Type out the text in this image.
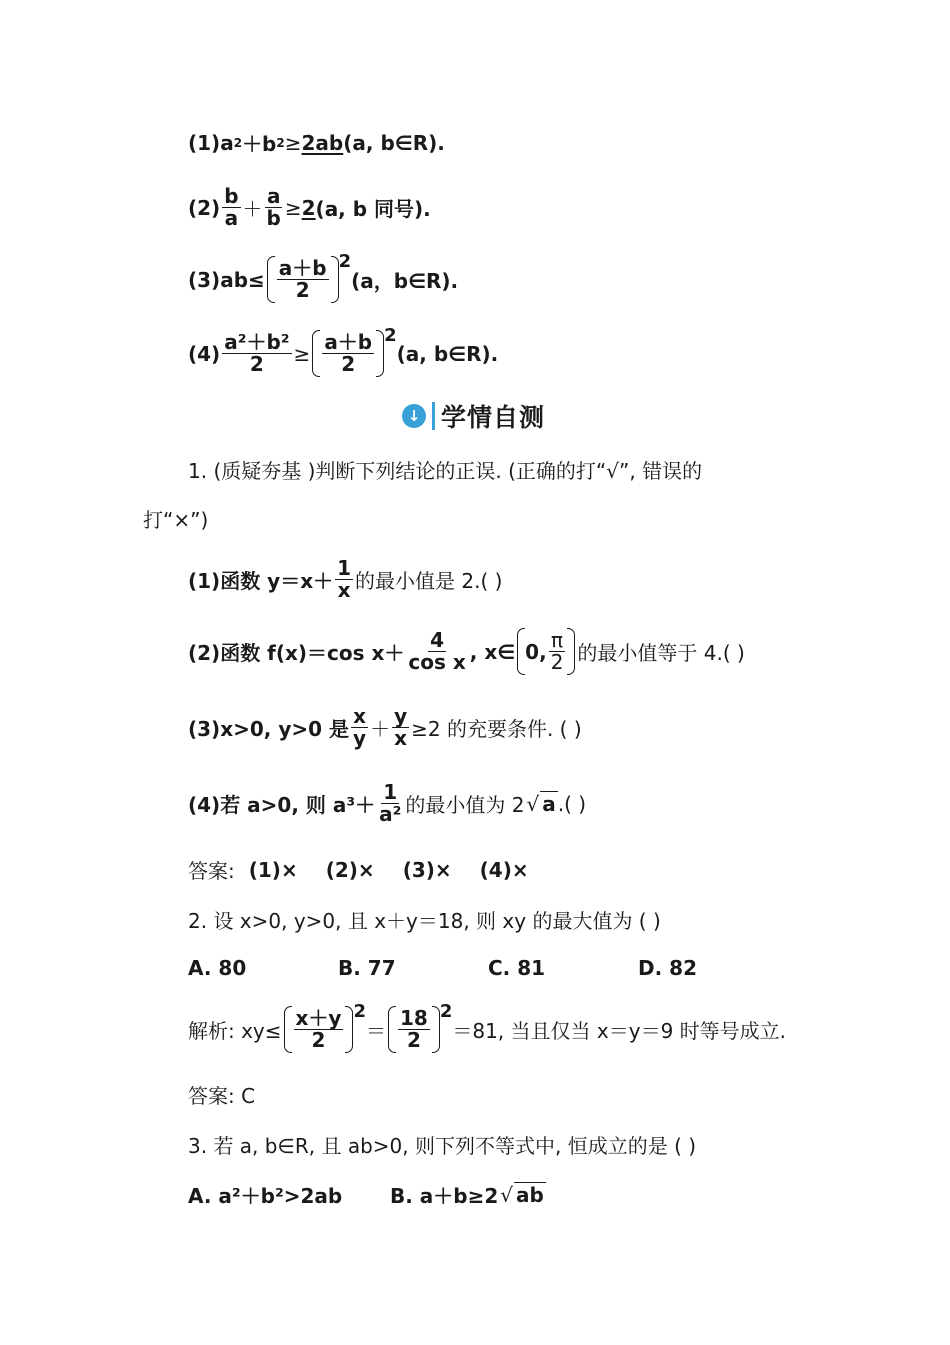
(1)a 2 ＋b 2 ≥ 2ab (a, b∈R).
$(2) \frac{b}{a} + \frac{a}{b} \ge 2$ (a, b 同号).
$(3)ab\le \frac{a+b}{2} 2$
(a，b∈R).
$(4) \frac{\text{a²＋b²}}{2} \ge \frac{a+b}{2} 2$
(a, b∈R).
↓ 学情自测
1. (质疑夯基 )判断下列结论的正误. (正确的打“√”, 错误的
打“×”)
(1)函数 $y=x+ \frac{1}{x}$ 的最小值是 2.( )
(2)函数 f(x)＝cos $x+ \frac{4}{\text{cos x}}$ , x∈ 0, $\frac{\pi}{2}$ 的最小值等于 4.( )
(3)x>0, y>0 是 $\frac{x}{y} + \frac{y}{x} \ge 2$ 的充要条件. ( )
(4)若 a>0, 则 $a^3+ \frac{1}{\text{a²}}$ 的最小值为 2 √ a .( )
答案: (1)× (2)× (3)× (4)×
2. 设 x>0, y>0, 且 x＋y＝18, 则 xy 的最大值为 ( )
A. 80	B. 77	C. 81	D. 82
解析: $xy\le \frac{x+y}{2} 2$
＝ $\frac{18}{2} 2$
＝81, 当且仅当 x＝y＝9 时等号成立.
答案: C
3. 若 a, b∈R, 且 ab>0, 则下列不等式中, 恒成立的是 ( )
A. a²＋b²>2ab	B. a＋b≥2 √ ab
